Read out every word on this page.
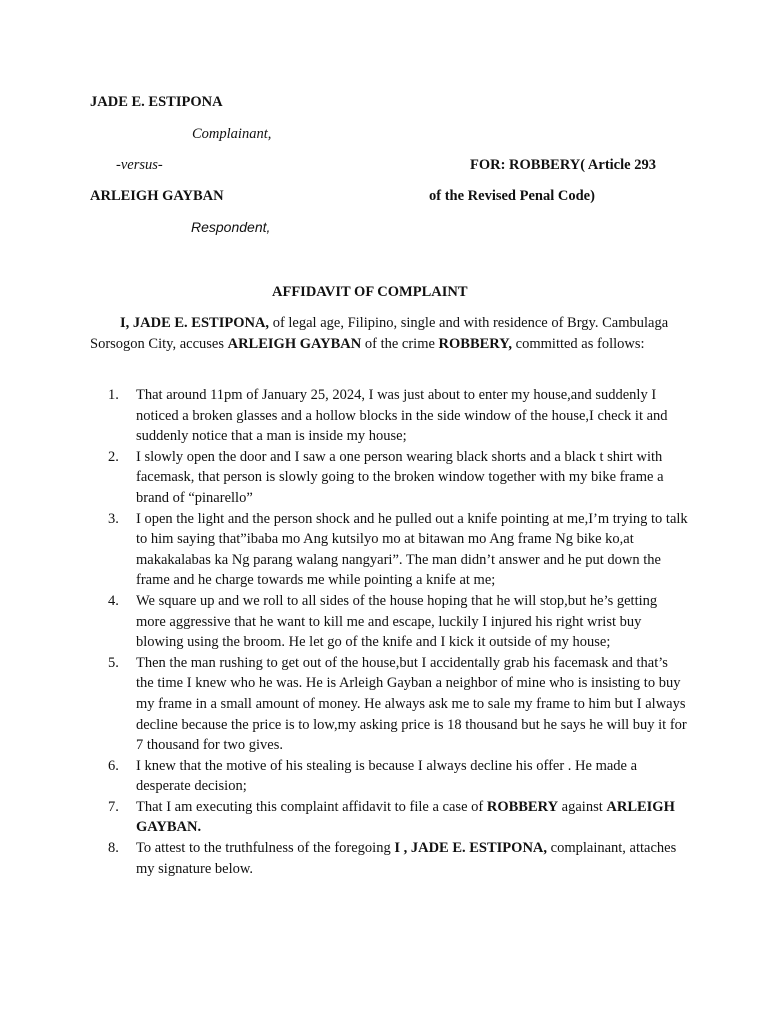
JADE E. ESTIPONA
Complainant,
-versus-	FOR: ROBBERY( Article 293
ARLEIGH GAYBAN	of the Revised Penal Code)
Respondent,
AFFIDAVIT OF COMPLAINT
I, JADE E. ESTIPONA, of legal age, Filipino, single and with residence of Brgy. Cambulaga Sorsogon City, accuses ARLEIGH GAYBAN of the crime ROBBERY, committed as follows:
1.	That around 11pm of January 25, 2024, I was just about to enter my house,and suddenly I noticed a broken glasses and a hollow blocks in the side window of the house,I check it and suddenly notice that a man is inside my house;
2.	I slowly open the door and I saw a one person wearing black shorts and a black t shirt with facemask, that person is slowly going to the broken window together with my bike frame a brand of “pinarello”
3.	I open the light and the person shock and he pulled out a knife pointing at me,I’m trying to talk to him saying that”ibaba mo Ang kutsilyo mo at bitawan mo Ang frame Ng bike ko,at makakalabas ka Ng parang walang nangyari”. The man didn’t answer and he put down the frame and he charge towards me while pointing a knife at me;
4.	We square up and we roll to all sides of the house hoping that he will stop,but he’s getting more aggressive that he want to kill me and escape, luckily I injured his right wrist buy blowing using the broom. He let go of the knife and I kick it outside of my house;
5.	Then the man rushing to get out of the house,but I accidentally grab his facemask and that’s the time I knew who he was. He is Arleigh Gayban a neighbor of mine who is insisting to buy my frame in a small amount of money. He always ask me to sale my frame to him but I always decline because the price is to low,my asking price is 18 thousand but he says he will buy it for 7 thousand for two gives.
6.	I knew that the motive of his stealing is because I always decline his offer . He made a desperate decision;
7.	That I am executing this complaint affidavit to file a case of ROBBERY against ARLEIGH GAYBAN.
8.	To attest to the truthfulness of the foregoing I , JADE E. ESTIPONA, complainant, attaches my signature below.
